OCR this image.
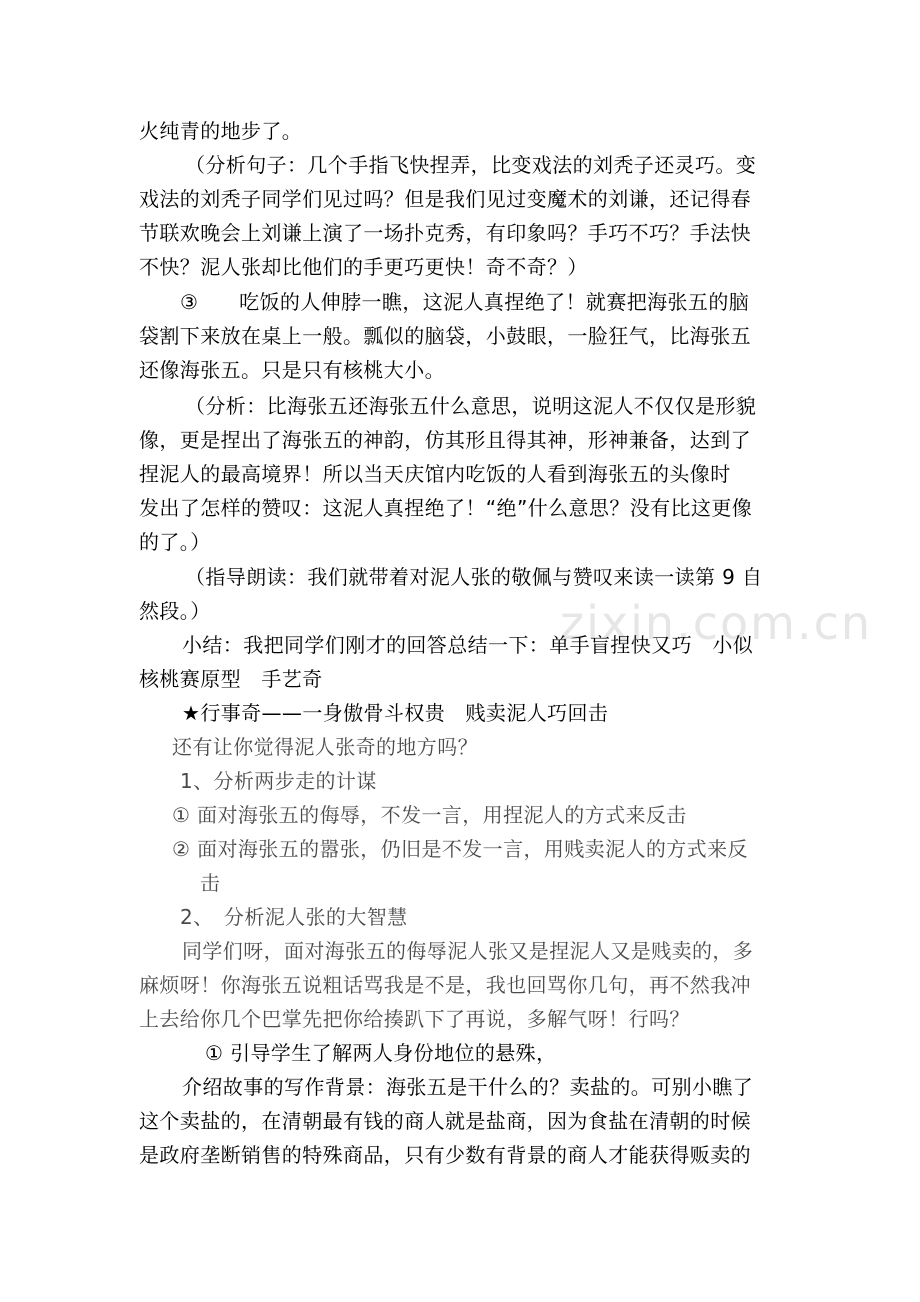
zixin.com.cn
火纯青的地步了。
（分析句子：几个手指飞快捏弄，比变戏法的刘秃子还灵巧。变
戏法的刘秃子同学们见过吗？但是我们见过变魔术的刘谦，还记得春
节联欢晚会上刘谦上演了一场扑克秀，有印象吗？手巧不巧？手法快
不快？泥人张却比他们的手更巧更快！奇不奇？）
③　　吃饭的人伸脖一瞧，这泥人真捏绝了！就赛把海张五的脑
袋割下来放在桌上一般。瓢似的脑袋，小鼓眼，一脸狂气，比海张五
还像海张五。只是只有核桃大小。
（分析：比海张五还海张五什么意思，说明这泥人不仅仅是形貌
像，更是捏出了海张五的神韵，仿其形且得其神，形神兼备，达到了
捏泥人的最高境界！所以当天庆馆内吃饭的人看到海张五的头像时
发出了怎样的赞叹：这泥人真捏绝了！“绝”什么意思？没有比这更像
的了。）
（指导朗读：我们就带着对泥人张的敬佩与赞叹来读一读第 9 自
然段。）
小结：我把同学们刚才的回答总结一下：单手盲捏快又巧　小似
核桃赛原型　手艺奇
★行事奇——一身傲骨斗权贵　贱卖泥人巧回击
还有让你觉得泥人张奇的地方吗？
1、分析两步走的计谋
① 面对海张五的侮辱，不发一言，用捏泥人的方式来反击
② 面对海张五的嚣张，仍旧是不发一言，用贱卖泥人的方式来反
击
2、　分析泥人张的大智慧
同学们呀，面对海张五的侮辱泥人张又是捏泥人又是贱卖的，多
麻烦呀！你海张五说粗话骂我是不是，我也回骂你几句，再不然我冲
上去给你几个巴掌先把你给揍趴下了再说，多解气呀！行吗？
① 引导学生了解两人身份地位的悬殊，
介绍故事的写作背景：海张五是干什么的？卖盐的。可别小瞧了
这个卖盐的，在清朝最有钱的商人就是盐商，因为食盐在清朝的时候
是政府垄断销售的特殊商品，只有少数有背景的商人才能获得贩卖的
